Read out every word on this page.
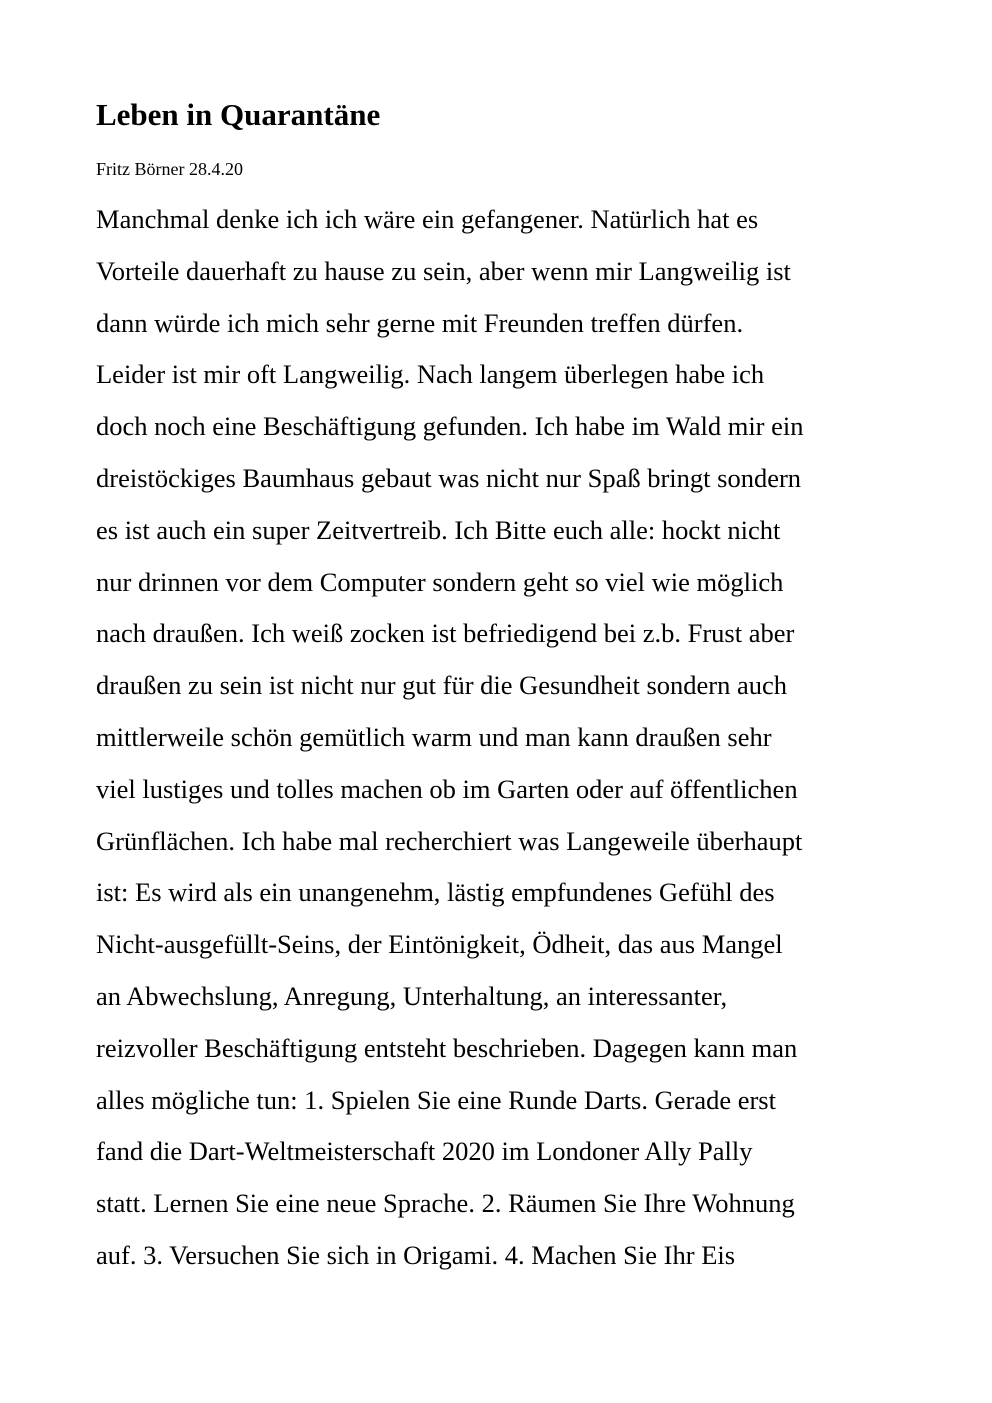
Leben in Quarantäne

Fritz Börner 28.4.20

Manchmal denke ich ich wäre ein gefangener. Natürlich hat es
Vorteile dauerhaft zu hause zu sein, aber wenn mir Langweilig ist
dann würde ich mich sehr gerne mit Freunden treffen dürfen.
Leider ist mir oft Langweilig. Nach langem überlegen habe ich
doch noch eine Beschäftigung gefunden. Ich habe im Wald mir ein
dreistöckiges Baumhaus gebaut was nicht nur Spaß bringt sondern
es ist auch ein super Zeitvertreib. Ich Bitte euch alle: hockt nicht
nur drinnen vor dem Computer sondern geht so viel wie möglich
nach draußen. Ich weiß zocken ist befriedigend bei z.b. Frust aber
draußen zu sein ist nicht nur gut für die Gesundheit sondern auch
mittlerweile schön gemütlich warm und man kann draußen sehr
viel lustiges und tolles machen ob im Garten oder auf öffentlichen
Grünflächen. Ich habe mal recherchiert was Langeweile überhaupt
ist: Es wird als ein unangenehm, lästig empfundenes Gefühl des
Nicht-ausgefüllt-Seins, der Eintönigkeit, Ödheit, das aus Mangel
an Abwechslung, Anregung, Unterhaltung, an interessanter,
reizvoller Beschäftigung entsteht beschrieben. Dagegen kann man
alles mögliche tun: 1. Spielen Sie eine Runde Darts. Gerade erst
fand die Dart-Weltmeisterschaft 2020 im Londoner Ally Pally
statt. Lernen Sie eine neue Sprache. 2. Räumen Sie Ihre Wohnung
auf. 3. Versuchen Sie sich in Origami. 4. Machen Sie Ihr Eis
